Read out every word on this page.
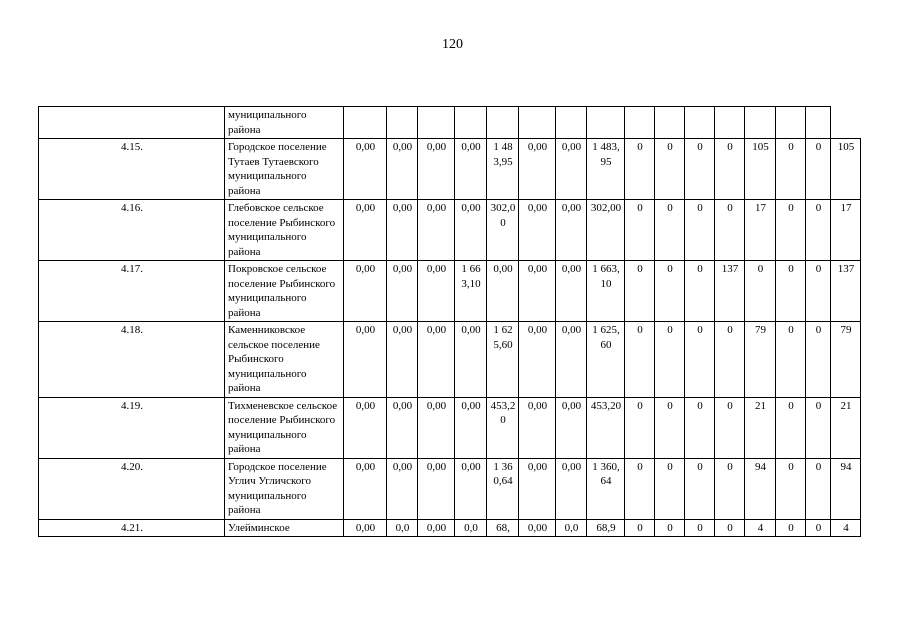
120
	муниципального района																
4.15.	Городское поселение Тутаев Тутаевского муниципального района	0,00	0,00	0,00	0,00	1 483,95	0,00	0,00	1 483,95	0	0	0	0	105	0	0	105
4.16.	Глебовское сельское поселение Рыбинского муниципального района	0,00	0,00	0,00	0,00	302,00	0,00	0,00	302,00	0	0	0	0	17	0	0	17
4.17.	Покровское сельское поселение Рыбинского муниципального района	0,00	0,00	0,00	1 663,10	0,00	0,00	0,00	1 663,10	0	0	0	137	0	0	0	137
4.18.	Каменниковское сельское поселение Рыбинского муниципального района	0,00	0,00	0,00	0,00	1 625,60	0,00	0,00	1 625,60	0	0	0	0	79	0	0	79
4.19.	Тихменевское сельское поселение Рыбинского муниципального района	0,00	0,00	0,00	0,00	453,20	0,00	0,00	453,20	0	0	0	0	21	0	0	21
4.20.	Городское поселение Углич Угличского муниципального района	0,00	0,00	0,00	0,00	1 360,64	0,00	0,00	1 360,64	0	0	0	0	94	0	0	94
4.21.	Улейминское	0,00	0,0	0,00	0,0	68,	0,00	0,0	68,9	0	0	0	0	4	0	0	4
